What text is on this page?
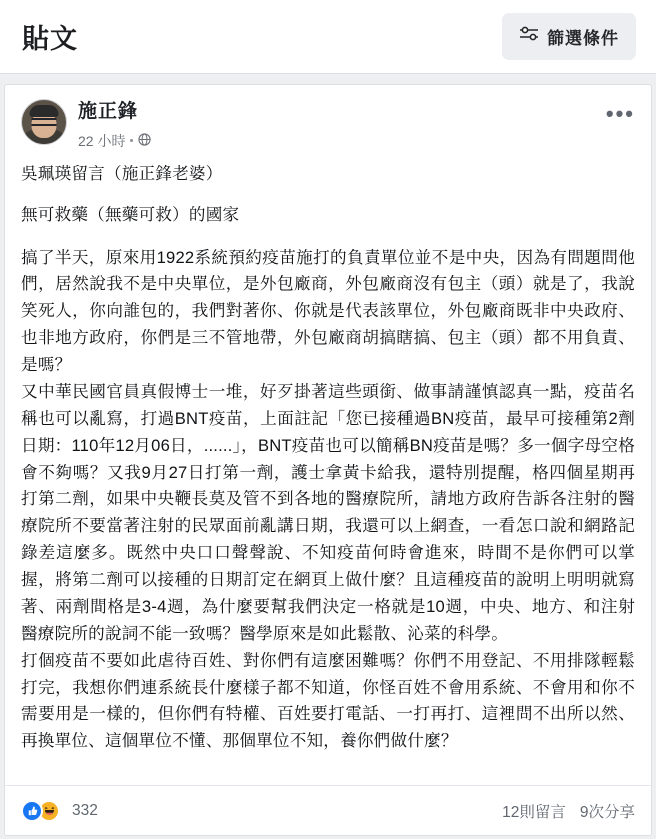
貼文	篩選條件
施正鋒
22 小時
•••

吳珮瑛留言（施正鋒老婆）

無可救藥（無藥可救）的國家

搞了半天，原來用1922系統預約疫苗施打的負責單位並不是中央，因為有問題問他們，居然說我不是中央單位，是外包廠商，外包廠商沒有包主（頭）就是了，我說笑死人，你向誰包的，我們對著你、你就是代表該單位，外包廠商既非中央政府、也非地方政府，你們是三不管地帶，外包廠商胡搞瞎搞、包主（頭）都不用負責、是嗎？

又中華民國官員真假博士一堆，好歹掛著這些頭銜、做事請謹慎認真一點，疫苗名稱也可以亂寫，打過BNT疫苗，上面註記「您已接種過BN疫苗，最早可接種第2劑日期：110年12月06日，......」，BNT疫苗也可以簡稱BN疫苗是嗎？多一個字母空格會不夠嗎？又我9月27日打第一劑，護士拿黃卡給我，還特別提醒，格四個星期再打第二劑，如果中央鞭長莫及管不到各地的醫療院所，請地方政府告訴各注射的醫療院所不要當著注射的民眾面前亂講日期，我還可以上網查，一看怎口說和網路記錄差這麼多。既然中央口口聲聲說、不知疫苗何時會進來，時間不是你們可以掌握，將第二劑可以接種的日期訂定在網頁上做什麼？且這種疫苗的說明上明明就寫著、兩劑間格是3-4週，為什麼要幫我們決定一格就是10週，中央、地方、和注射醫療院所的說詞不能一致嗎？醫學原來是如此鬆散、沁菜的科學。

打個疫苗不要如此虐待百姓、對你們有這麼困難嗎？你們不用登記、不用排隊輕鬆打完，我想你們連系統長什麼樣子都不知道，你怪百姓不會用系統、不會用和你不需要用是一樣的，但你們有特權、百姓要打電話、一打再打、這裡問不出所以然、再換單位、這個單位不懂、那個單位不知，養你們做什麼？

332	12則留言 9次分享
